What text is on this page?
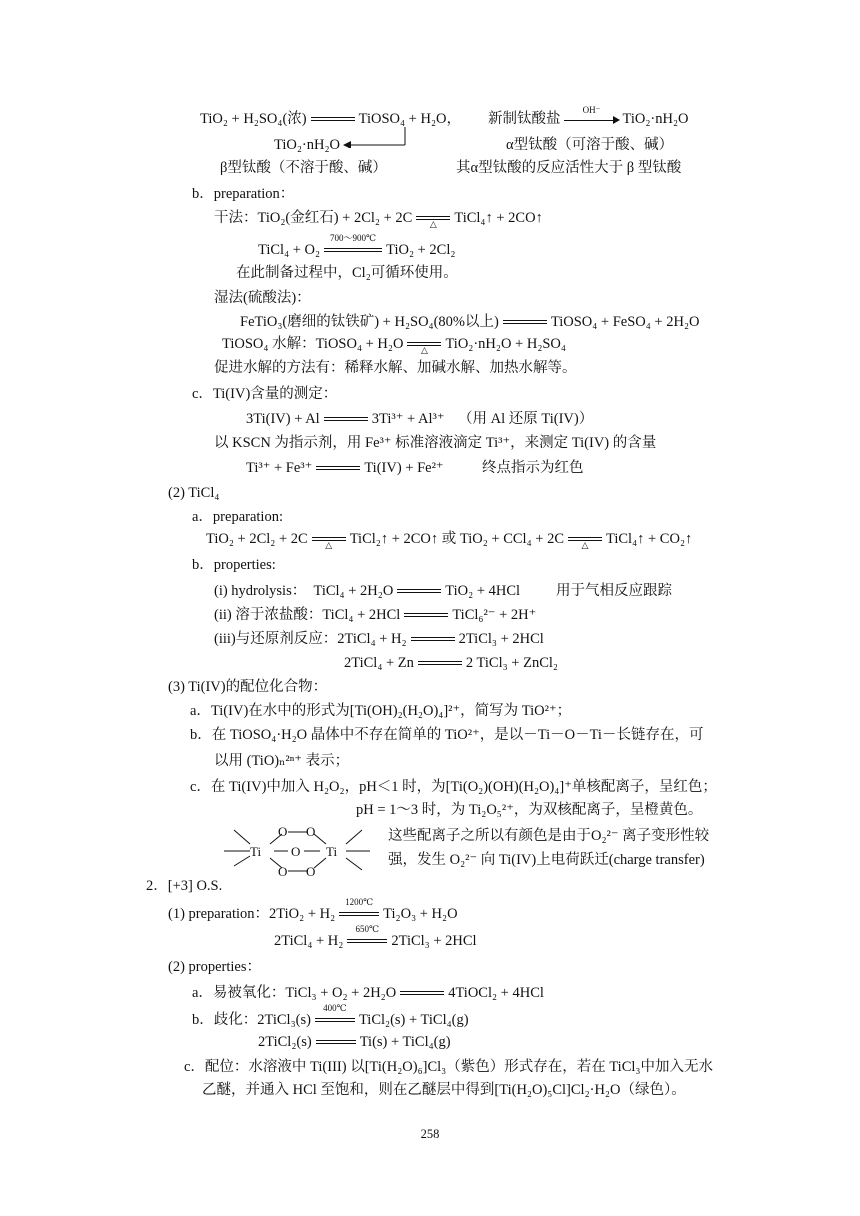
TiO₂ + H₂SO₄(浓)	TiOSO₄ + H₂O， 新制钛酸盐
OH⁻
TiO₂·nH₂O
TiO₂·nH₂O	α型钛酸（可溶于酸、碱）
β型钛酸（不溶于酸、碱）	其α型钛酸的反应活性大于 β 型钛酸
b．preparation：
干法：TiO₂(金红石) + 2Cl₂ + 2C	△	TiCl₄↑ + 2CO↑
TiCl₄ + O₂
700～900℃
TiO₂ + 2Cl₂
在此制备过程中，Cl₂可循环使用。
湿法(硫酸法)：
FeTiO₃(磨细的钛铁矿) + H₂SO₄(80%以上)	TiOSO₄ + FeSO₄ + 2H₂O
TiOSO₄ 水解：TiOSO₄ + H₂O	△	TiO₂·nH₂O + H₂SO₄
促进水解的方法有：稀释水解、加碱水解、加热水解等。
c．Ti(IV)含量的测定：
3Ti(IV) + Al	3Ti³⁺ + Al³⁺ （用 Al 还原 Ti(IV)）
以 KSCN 为指示剂，用 Fe³⁺ 标准溶液滴定 Ti³⁺，来测定 Ti(IV) 的含量
Ti³⁺ + Fe³⁺	Ti(IV) + Fe²⁺	终点指示为红色
(2) TiCl₄
a．preparation:
TiO₂ + 2Cl₂ + 2C	△	TiCl₂↑ + 2CO↑ 或 TiO₂ + CCl₄ + 2C	△	TiCl₄↑ + CO₂↑
b．properties:
(i) hydrolysis：　TiCl₄ + 2H₂O	TiO₂ + 4HCl 用于气相反应跟踪
(ii) 溶于浓盐酸：TiCl₄ + 2HCl	TiCl₆²⁻ + 2H⁺
(iii)与还原剂反应：2TiCl₄ + H₂	2TiCl₃ + 2HCl
2TiCl₄ + Zn	2 TiCl₃ + ZnCl₂
(3) Ti(IV)的配位化合物：
a．Ti(IV)在水中的形式为[Ti(OH)₂(H₂O)₄]²⁺，简写为 TiO²⁺；
b．在 TiOSO₄·H₂O 晶体中不存在简单的 TiO²⁺，是以－Ti－O－Ti－长链存在，可
以用 (TiO)ₙ²ⁿ⁺ 表示；
c．在 Ti(IV)中加入 H₂O₂，pH＜1 时，为[Ti(O₂)(OH)(H₂O)₄]⁺单核配离子，呈红色；
pH = 1～3 时，为 Ti₂O₅²⁺，为双核配离子，呈橙黄色。
这些配离子之所以有颜色是由于O₂²⁻ 离子变形性较
强，发生 O₂²⁻ 向 Ti(IV)上电荷跃迁(charge transfer)
Ti	Ti
O O
O
O O
2．[+3] O.S.
(1) preparation：2TiO₂ + H₂
1200℃
Ti₂O₃ + H₂O
2TiCl₄ + H₂
650℃
2TiCl₃ + 2HCl
(2) properties：
a．易被氧化：TiCl₃ + O₂ + 2H₂O	4TiOCl₂ + 4HCl
b．歧化：2TiCl₃(s)
400℃
TiCl₂(s) + TiCl₄(g)
2TiCl₂(s)	Ti(s) + TiCl₄(g)
c．配位：水溶液中 Ti(III) 以[Ti(H₂O)₆]Cl₃（紫色）形式存在，若在 TiCl₃中加入无水
乙醚，并通入 HCl 至饱和，则在乙醚层中得到[Ti(H₂O)₅Cl]Cl₂·H₂O（绿色）。
258
